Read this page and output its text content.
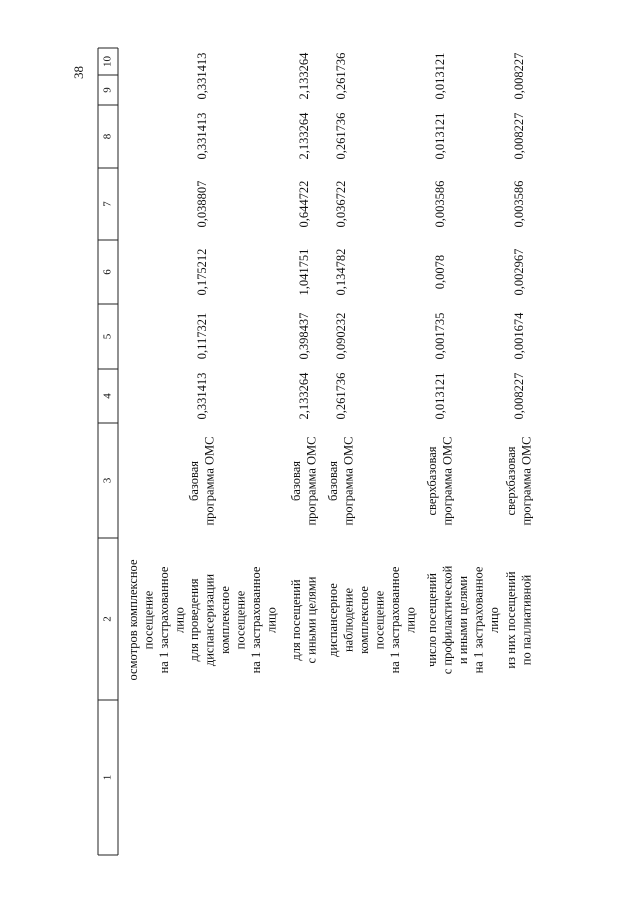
38
1
2
3
4
5
6
7
8
9
10
осмотров комплексное посещение на 1 застрахованное лицо для проведения диспансеризации комплексное посещение на 1 застрахованное лицо
базовая программа ОМС
0,331413
0,117321
0,175212
0,038807
0,331413
0,331413
для посещений с иными целями
базовая программа ОМС
2,133264
0,398437
1,041751
0,644722
2,133264
2,133264
диспансерное наблюдение комплексное посещение на 1 застрахованное лицо
базовая программа ОМС
0,261736
0,090232
0,134782
0,036722
0,261736
0,261736
число посещений с профилактической и иными целями на 1 застрахованное лицо
сверхбазовая программа ОМС
0,013121
0,001735
0,0078
0,003586
0,013121
0,013121
из них посещений по паллиативной
сверхбазовая программа ОМС
0,008227
0,001674
0,002967
0,003586
0,008227
0,008227
